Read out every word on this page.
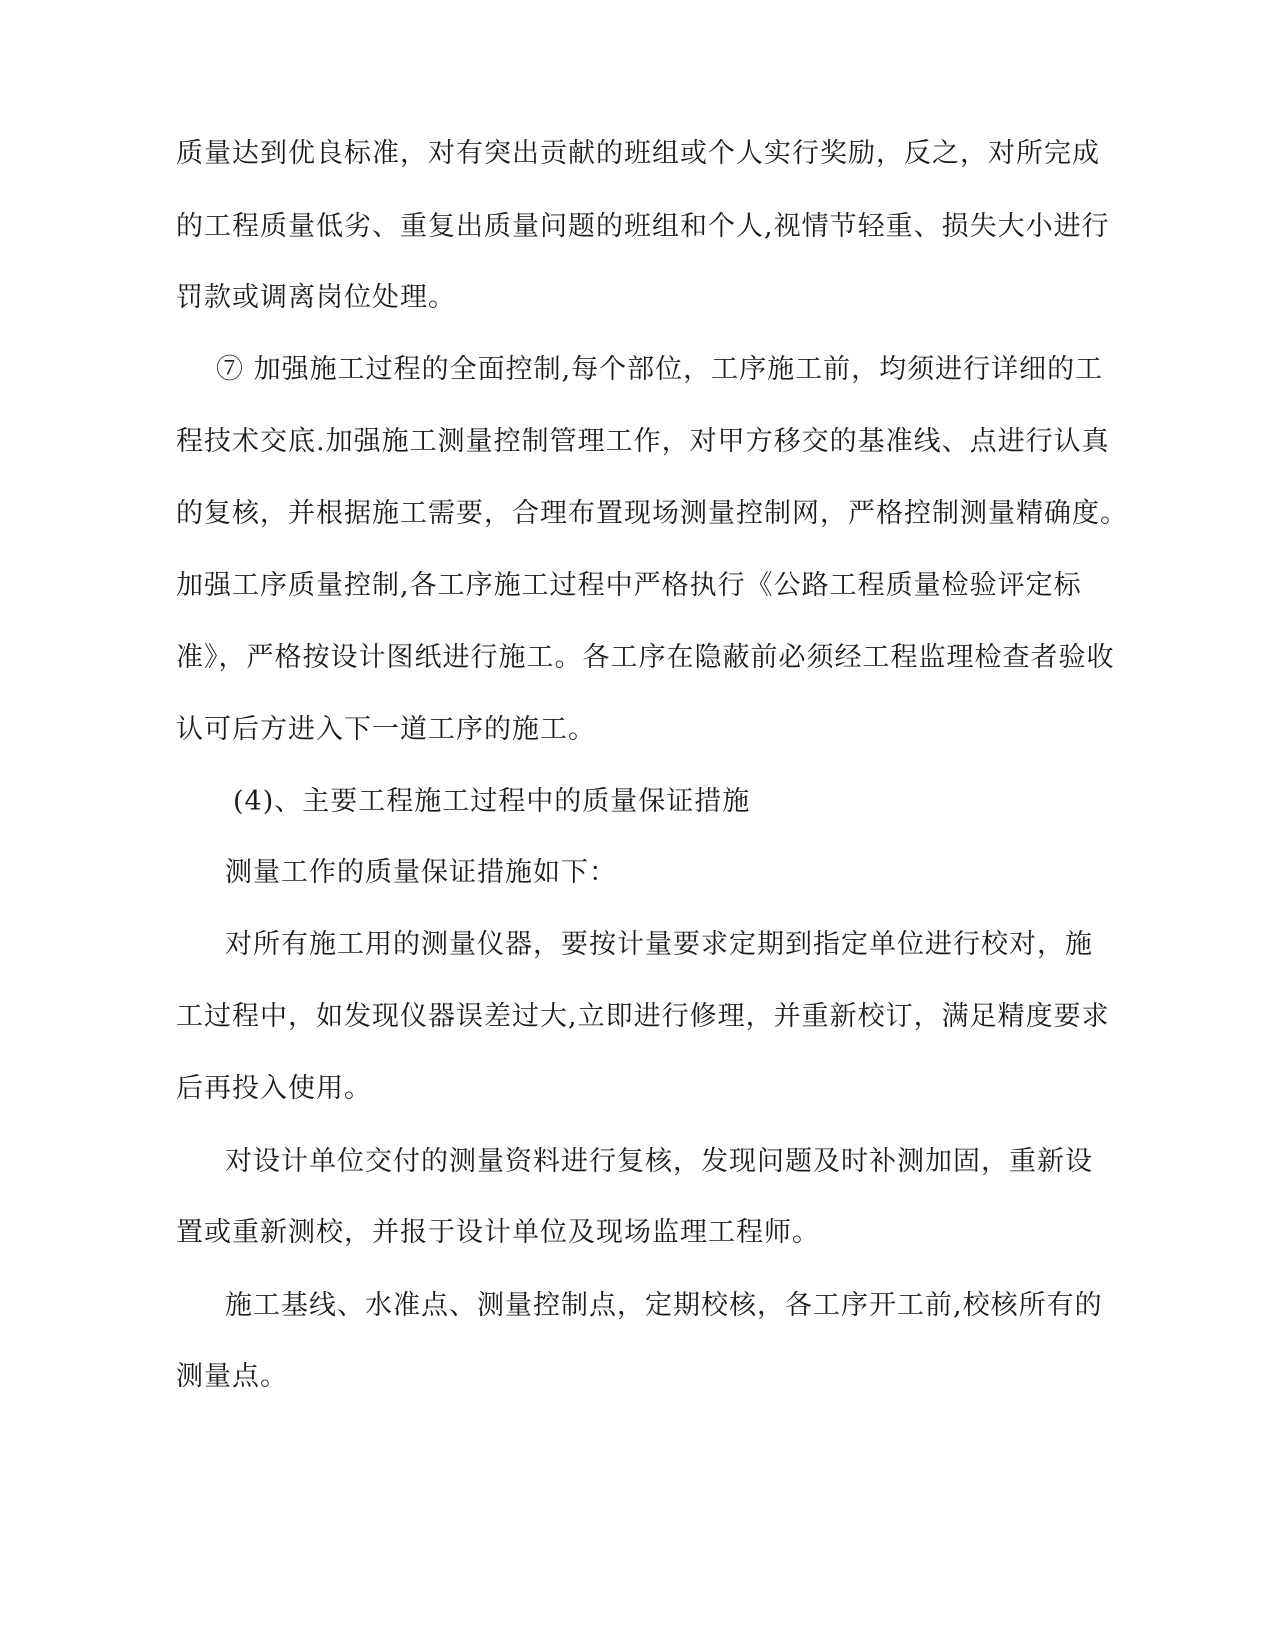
质量达到优良标准，对有突出贡献的班组或个人实行奖励，反之，对所完成
的工程质量低劣、重复出质量问题的班组和个人,视情节轻重、损失大小进行
罚款或调离岗位处理。
⑦ 加强施工过程的全面控制,每个部位，工序施工前，均须进行详细的工
程技术交底.加强施工测量控制管理工作，对甲方移交的基准线、点进行认真
的复核，并根据施工需要，合理布置现场测量控制网，严格控制测量精确度。
加强工序质量控制,各工序施工过程中严格执行《公路工程质量检验评定标
准》，严格按设计图纸进行施工。各工序在隐蔽前必须经工程监理检查者验收
认可后方进入下一道工序的施工。
(4)、主要工程施工过程中的质量保证措施
测量工作的质量保证措施如下：
对所有施工用的测量仪器，要按计量要求定期到指定单位进行校对，施
工过程中，如发现仪器误差过大,立即进行修理，并重新校订，满足精度要求
后再投入使用。
对设计单位交付的测量资料进行复核，发现问题及时补测加固，重新设
置或重新测校，并报于设计单位及现场监理工程师。
施工基线、水准点、测量控制点，定期校核，各工序开工前,校核所有的
测量点。
